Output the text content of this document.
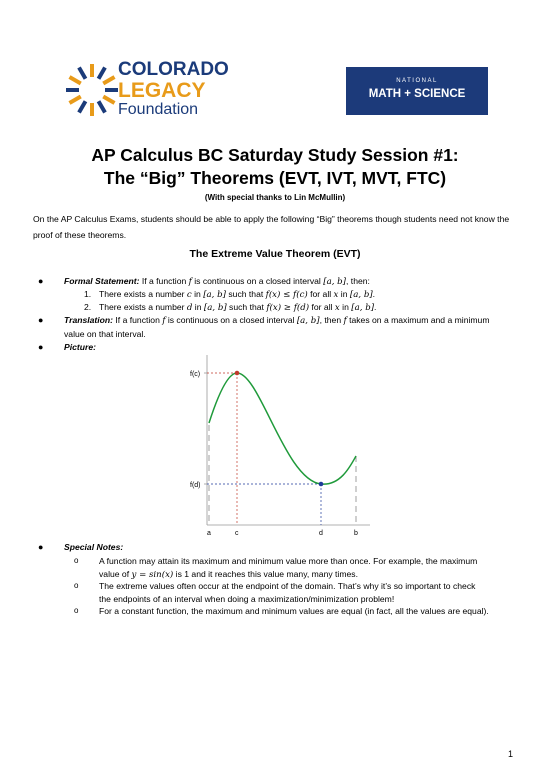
COLORADO
LEGACY
Foundation
NATIONAL
MATH + SCIENCE
AP Calculus BC Saturday Study Session #1:
The “Big” Theorems (EVT, IVT, MVT, FTC)
(With special thanks to Lin McMullin)
On the AP Calculus Exams, students should be able to apply the following “Big” theorems though students need not know the proof of these theorems.
The Extreme Value Theorem (EVT)
● Formal Statement: If a function f is continuous on a closed interval [a, b], then:
1. There exists a number c in [a, b] such that f(x) ≤ f(c) for all x in [a, b].
2. There exists a number d in [a, b] such that f(x) ≥ f(d) for all x in [a, b].
● Translation: If a function f is continuous on a closed interval [a, b], then f takes on a maximum and a minimum
value on that interval.
● Picture:
f(c)
f(d)
a	c	d	b
● Special Notes:
o A function may attain its maximum and minimum value more than once. For example, the maximum
value of y = sin(x) is 1 and it reaches this value many, many times.
o The extreme values often occur at the endpoint of the domain. That’s why it’s so important to check
the endpoints of an interval when doing a maximization/minimization problem!
o For a constant function, the maximum and minimum values are equal (in fact, all the values are equal).
1
